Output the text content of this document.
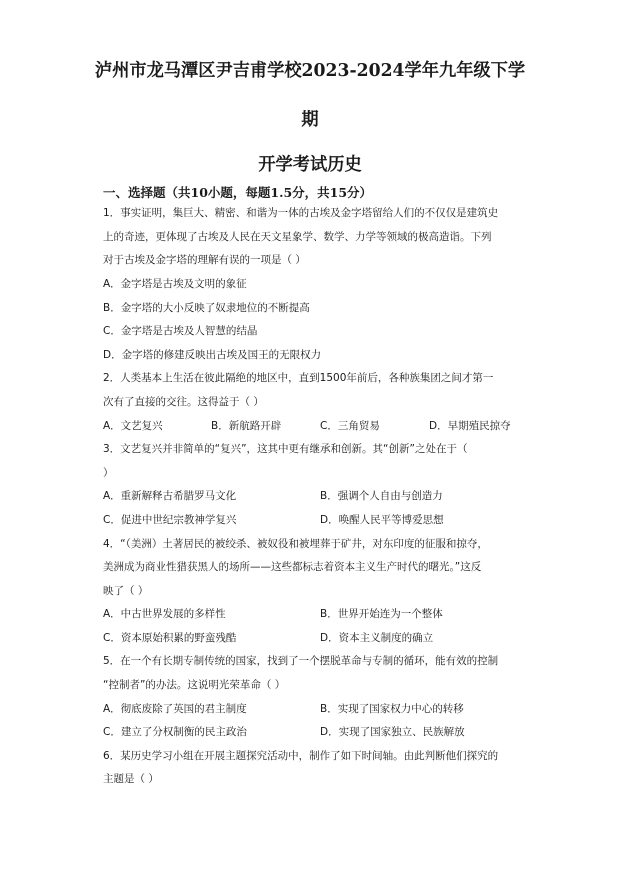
泸州市龙马潭区尹吉甫学校2023-2024学年九年级下学
期
开学考试历史
一、选择题（共10小题，每题1.5分，共15分）
1．事实证明，集巨大、精密、和谐为一体的古埃及金字塔留给人们的不仅仅是建筑史
上的奇迹，更体现了古埃及人民在天文星象学、数学、力学等领域的极高造诣。下列
对于古埃及金字塔的理解有误的一项是（ ）
A．金字塔是古埃及文明的象征
B．金字塔的大小反映了奴隶地位的不断提高
C．金字塔是古埃及人智慧的结晶
D．金字塔的修建反映出古埃及国王的无限权力
2．人类基本上生活在彼此隔绝的地区中，直到1500年前后，各种族集团之间才第一
次有了直接的交往。这得益于（ ）
A．文艺复兴	B．新航路开辟	C．三角贸易	D．早期殖民掠夺
3．文艺复兴并非简单的“复兴”，这其中更有继承和创新。其“创新”之处在于（
）
A．重新解释古希腊罗马文化	B．强调个人自由与创造力
C．促进中世纪宗教神学复兴	D．唤醒人民平等博爱思想
4．“（美洲）土著居民的被绞杀、被奴役和被埋葬于矿井，对东印度的征服和掠夺，
美洲成为商业性猎获黑人的场所——这些都标志着资本主义生产时代的曙光。”这反
映了（ ）
A．中古世界发展的多样性	B．世界开始连为一个整体
C．资本原始积累的野蛮残酷	D．资本主义制度的确立
5．在一个有长期专制传统的国家，找到了一个摆脱革命与专制的循环，能有效的控制
“控制者”的办法。这说明光荣革命（ ）
A．彻底废除了英国的君主制度	B．实现了国家权力中心的转移
C．建立了分权制衡的民主政治	D．实现了国家独立、民族解放
6．某历史学习小组在开展主题探究活动中，制作了如下时间轴。由此判断他们探究的
主题是（ ）
